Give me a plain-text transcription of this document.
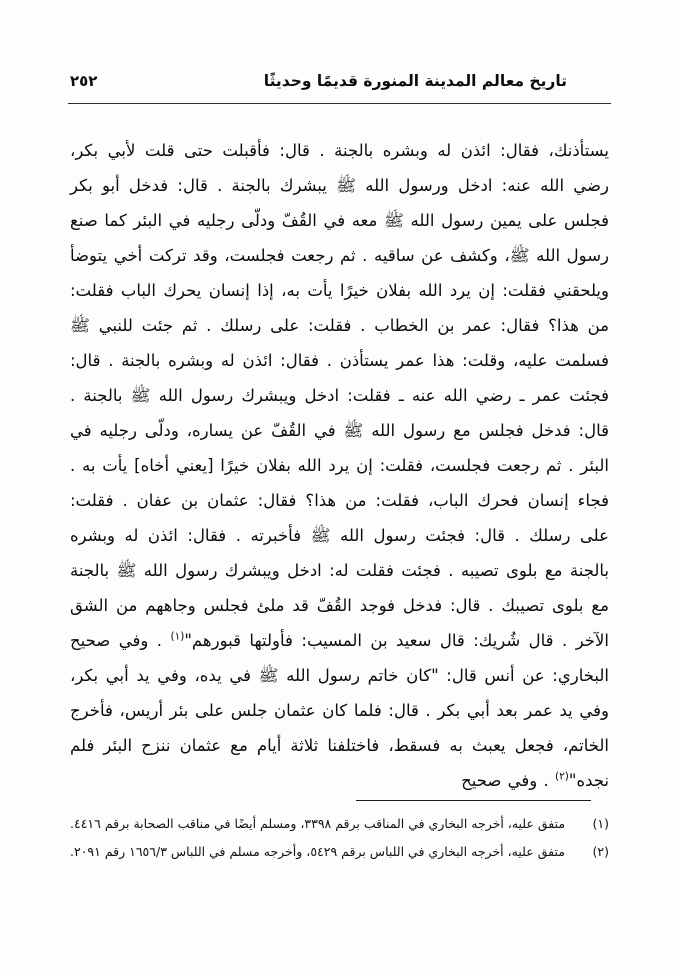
تاريخ معالم المدينة المنورة قديمًا وحديثًا
٢٥٢

يستأذنك، فقال: ائذن له وبشره بالجنة . قال: فأقبلت حتى قلت لأبي بكر، رضي الله عنه: ادخل ورسول الله ﷺ يبشرك بالجنة . قال: فدخل أبو بكر فجلس على يمين رسول الله ﷺ معه في القُفّ ودلّى رجليه في البئر كما صنع رسول الله ﷺ، وكشف عن ساقيه . ثم رجعت فجلست، وقد تركت أخي يتوضأ ويلحقني فقلت: إن يرد الله بفلان خيرًا يأت به، إذا إنسان يحرك الباب فقلت: من هذا؟ فقال: عمر بن الخطاب . فقلت: على رسلك . ثم جئت للنبي ﷺ فسلمت عليه، وقلت: هذا عمر يستأذن . فقال: ائذن له وبشره بالجنة . قال: فجئت عمر ـ رضي الله عنه ـ فقلت: ادخل ويبشرك رسول الله ﷺ بالجنة . قال: فدخل فجلس مع رسول الله ﷺ في القُفّ عن يساره، ودلّى رجليه في البئر . ثم رجعت فجلست، فقلت: إن يرد الله بفلان خيرًا [يعني أخاه] يأت به . فجاء إنسان فحرك الباب، فقلت: من هذا؟ فقال: عثمان بن عفان . فقلت: على رسلك . قال: فجئت رسول الله ﷺ فأخبرته . فقال: ائذن له وبشره بالجنة مع بلوى تصيبه . فجئت فقلت له: ادخل ويبشرك رسول الله ﷺ بالجنة مع بلوى تصيبك . قال: فدخل فوجد القُفّ قد ملئ فجلس وجاههم من الشق الآخر . قال شُريك: قال سعيد بن المسيب: فأولتها قبورهم"$^{(١)}$ . وفي صحيح البخاري: عن أنس قال: "كان خاتم رسول الله ﷺ في يده، وفي يد أبي بكر، وفي يد عمر بعد أبي بكر . قال: فلما كان عثمان جلس على بئر أريس، فأخرج الخاتم، فجعل يعبث به فسقط، فاختلفنا ثلاثة أيام مع عثمان ننزح البئر فلم نجده"$^{(٢)}$ . وفي صحيح

(١)
متفق عليه، أخرجه البخاري في المناقب برقم ٣٣٩٨، ومسلم أيضًا في مناقب الصحابة برقم ٤٤١٦.
(٢)
متفق عليه، أخرجه البخاري في اللباس برقم ٥٤٢٩، وأخرجه مسلم في اللباس ١٦٥٦/٣ رقم ٢٠٩١.
